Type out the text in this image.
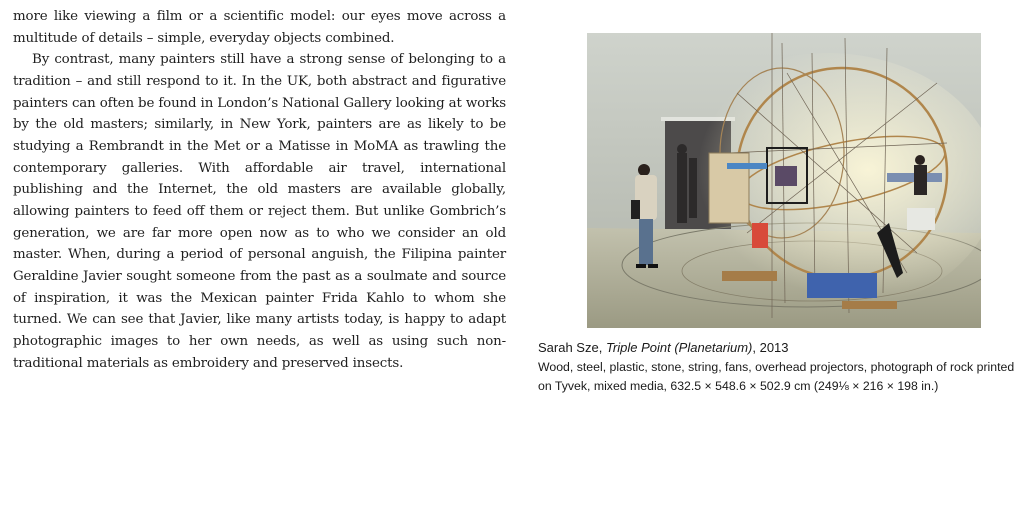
more like viewing a film or a scientific model: our eyes move across a multitude of details – simple, everyday objects combined.

By contrast, many painters still have a strong sense of belonging to a tradition – and still respond to it. In the UK, both abstract and figurative painters can often be found in London’s National Gallery looking at works by the old masters; similarly, in New York, painters are as likely to be studying a Rembrandt in the Met or a Matisse in MoMA as trawling the contemporary galleries. With affordable air travel, international publishing and the Internet, the old masters are available globally, allowing painters to feed off them or reject them. But unlike Gombrich’s generation, we are far more open now as to who we consider an old master. When, during a period of personal anguish, the Filipina painter Geraldine Javier sought someone from the past as a soulmate and source of inspiration, it was the Mexican painter Frida Kahlo to whom she turned. We can see that Javier, like many artists today, is happy to adapt photographic images to her own needs, as well as using such non-traditional materials as embroidery and preserved insects.

Sarah Sze, Triple Point (Planetarium), 2013
Wood, steel, plastic, stone, string, fans, overhead projectors, photograph of rock printed on Tyvek, mixed media, 632.5 × 548.6 × 502.9 cm (249⅛ × 216 × 198 in.)
